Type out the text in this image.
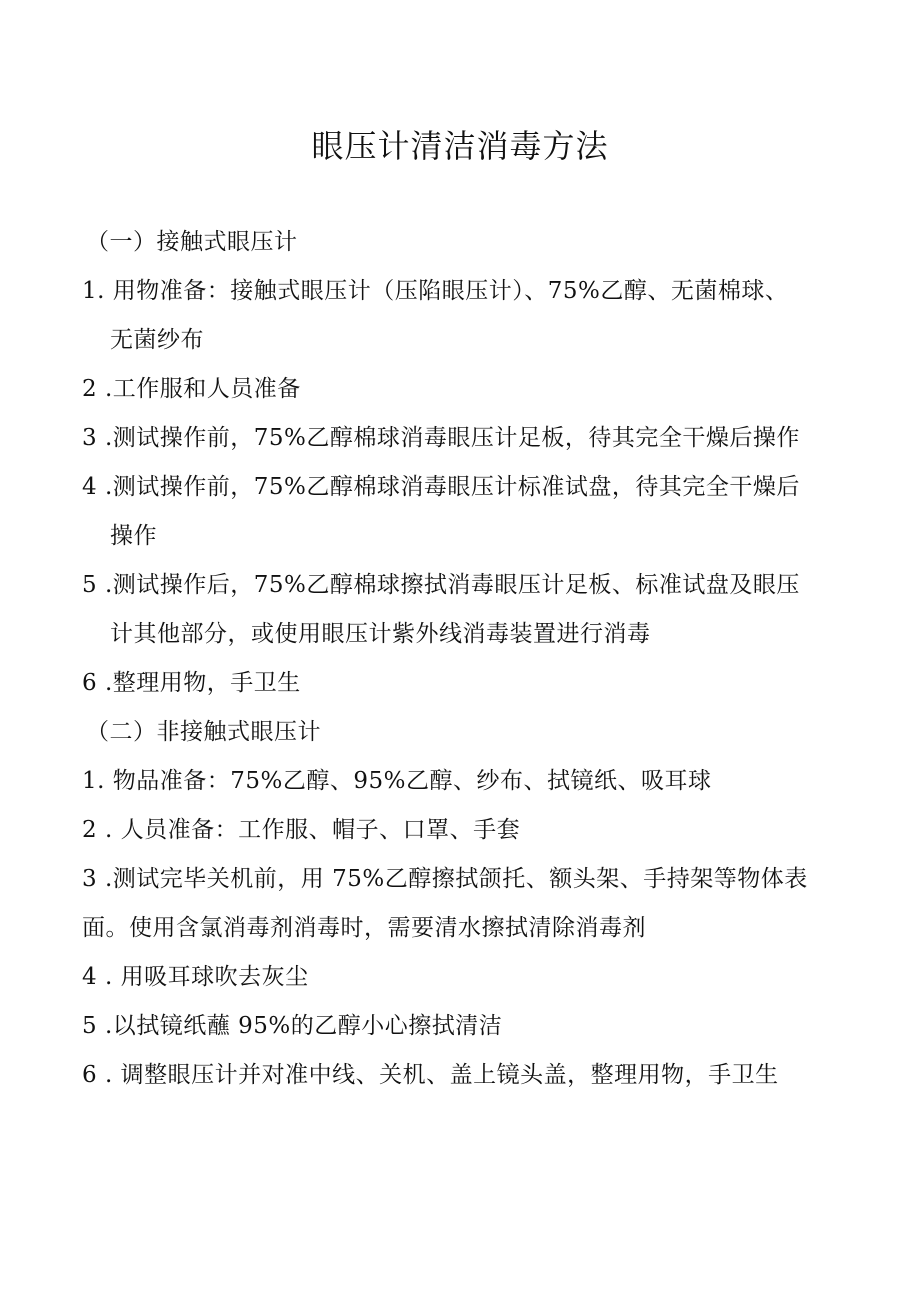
眼压计清洁消毒方法
（一）接触式眼压计
1. 用物准备：接触式眼压计（压陷眼压计）、75%乙醇、无菌棉球、
无菌纱布
2 .工作服和人员准备
3 .测试操作前，75%乙醇棉球消毒眼压计足板，待其完全干燥后操作
4 .测试操作前，75%乙醇棉球消毒眼压计标准试盘，待其完全干燥后
操作
5 .测试操作后，75%乙醇棉球擦拭消毒眼压计足板、标准试盘及眼压
计其他部分，或使用眼压计紫外线消毒装置进行消毒
6 .整理用物，手卫生
（二）非接触式眼压计
1. 物品准备：75%乙醇、95%乙醇、纱布、拭镜纸、吸耳球
2 . 人员准备：工作服、帽子、口罩、手套
3 .测试完毕关机前，用 75%乙醇擦拭颌托、额头架、手持架等物体表
面。使用含氯消毒剂消毒时，需要清水擦拭清除消毒剂
4 . 用吸耳球吹去灰尘
5 .以拭镜纸蘸 95%的乙醇小心擦拭清洁
6 . 调整眼压计并对准中线、关机、盖上镜头盖，整理用物，手卫生
